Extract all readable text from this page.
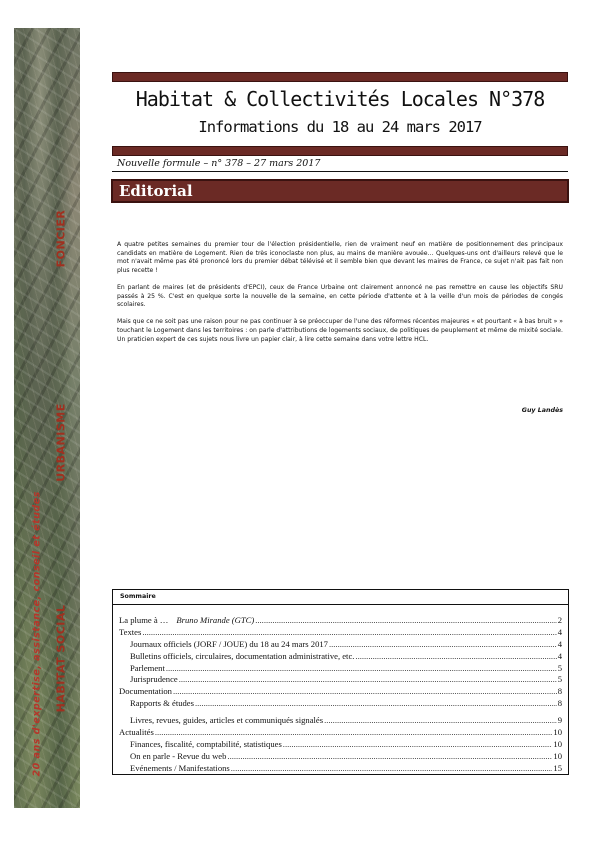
FONCIER
URBANISME
HABITAT SOCIAL
20 ans d'expertise, assistance, conseil et études
Habitat & Collectivités Locales N°378
Informations du 18 au 24 mars 2017
Nouvelle formule – n° 378 – 27 mars 2017
Editorial

A quatre petites semaines du premier tour de l'élection présidentielle, rien de vraiment neuf en matière de positionnement des principaux candidats en matière de Logement. Rien de très iconoclaste non plus, au mains de manière avouée… Quelques-uns ont d'ailleurs relevé que le mot n'avait même pas été prononcé lors du premier débat télévisé et il semble bien que devant les maires de France, ce sujet n'ait pas fait non plus recette !

En parlant de maires (et de présidents d'EPCI), ceux de France Urbaine ont clairement annoncé ne pas remettre en cause les objectifs SRU passés à 25 %. C'est en quelque sorte la nouvelle de la semaine, en cette période d'attente et à la veille d'un mois de périodes de congés scolaires.

Mais que ce ne soit pas une raison pour ne pas continuer à se préoccuper de l'une des réformes récentes majeures « et pourtant « à bas bruit » » touchant le Logement dans les territoires : on parle d'attributions de logements sociaux, de politiques de peuplement et même de mixité sociale. Un praticien expert de ces sujets nous livre un papier clair, à lire cette semaine dans votre lettre HCL.

Guy Landès
Sommaire
La plume à … Bruno Mirande (GTC) .....	2
Textes .....	4
Journaux officiels (JORF / JOUE) du 18 au 24 mars 2017 .....	4
Bulletins officiels, circulaires, documentation administrative, etc. .....	4
Parlement .....	5
Jurisprudence .....	5
Documentation .....	8
Rapports & études .....	8
Livres, revues, guides, articles et communiqués signalés .....	9
Actualités .....	10
Finances, fiscalité, comptabilité, statistiques .....	10
On en parle - Revue du web .....	10
Evénements / Manifestations .....	15
